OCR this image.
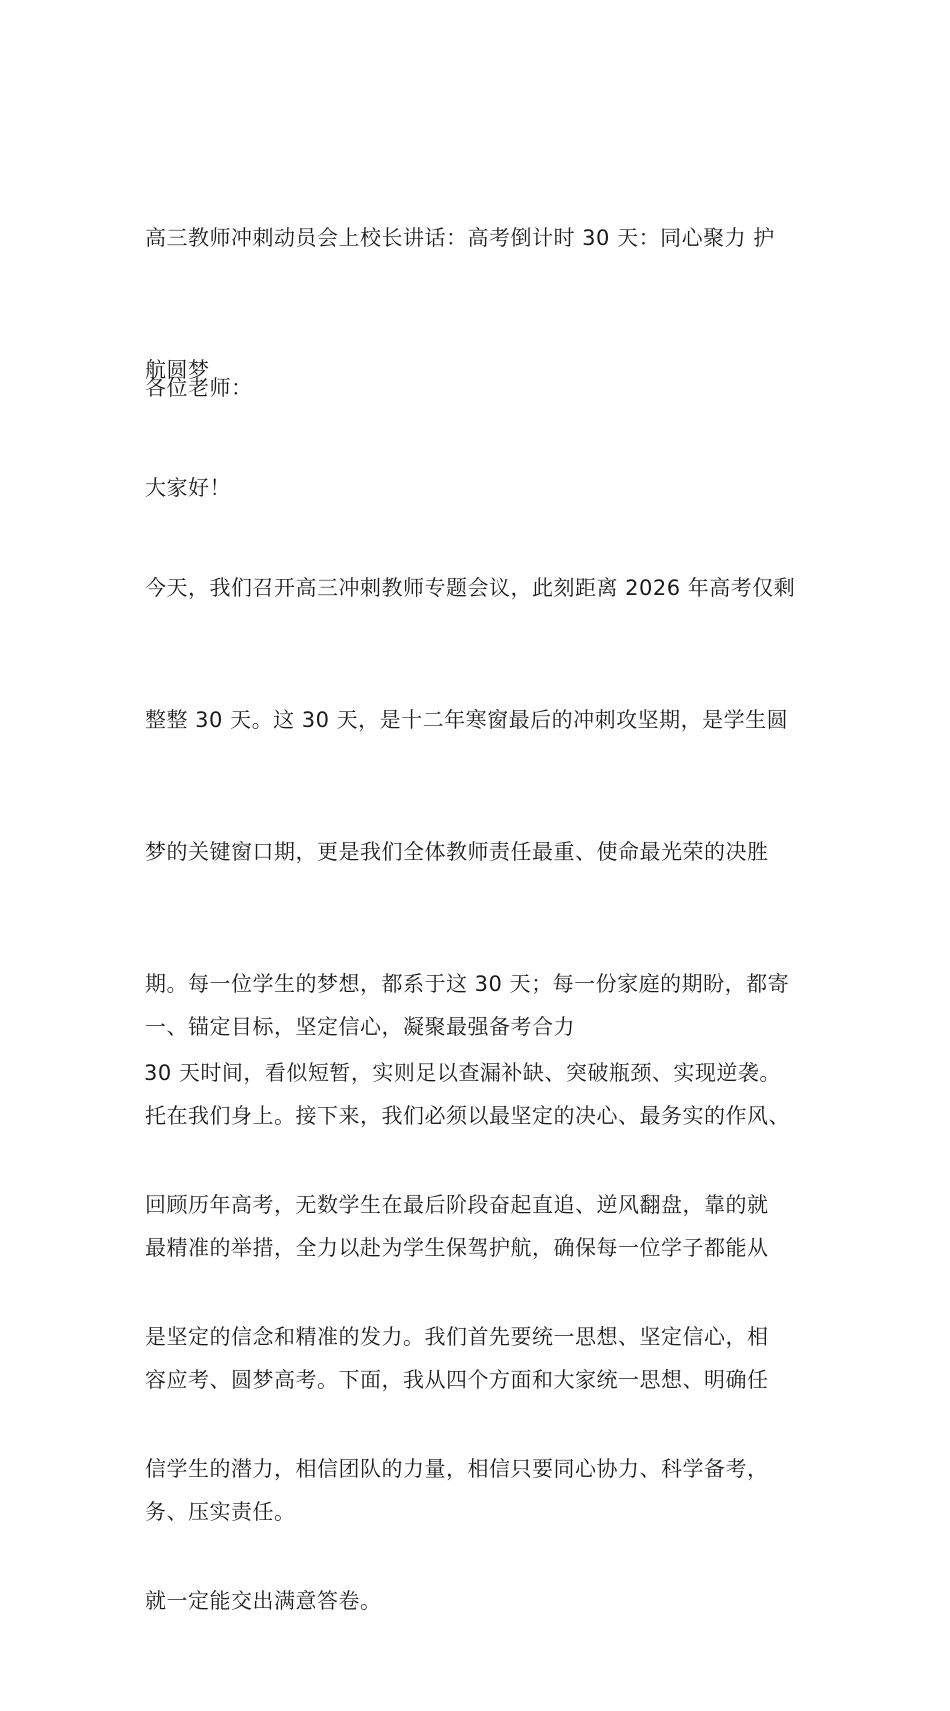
高三教师冲刺动员会上校长讲话：高考倒计时 30 天：同心聚力 护

航圆梦

各位老师：

大家好！

今天，我们召开高三冲刺教师专题会议，此刻距离 2026 年高考仅剩

整整 30 天。这 30 天，是十二年寒窗最后的冲刺攻坚期，是学生圆

梦的关键窗口期，更是我们全体教师责任最重、使命最光荣的决胜

期。每一位学生的梦想，都系于这 30 天；每一份家庭的期盼，都寄

托在我们身上。接下来，我们必须以最坚定的决心、最务实的作风、

最精准的举措，全力以赴为学生保驾护航，确保每一位学子都能从

容应考、圆梦高考。下面，我从四个方面和大家统一思想、明确任

务、压实责任。

一、锚定目标，坚定信心，凝聚最强备考合力

30 天时间，看似短暂，实则足以查漏补缺、突破瓶颈、实现逆袭。

回顾历年高考，无数学生在最后阶段奋起直追、逆风翻盘，靠的就

是坚定的信念和精准的发力。我们首先要统一思想、坚定信心，相

信学生的潜力，相信团队的力量，相信只要同心协力、科学备考，

就一定能交出满意答卷。
